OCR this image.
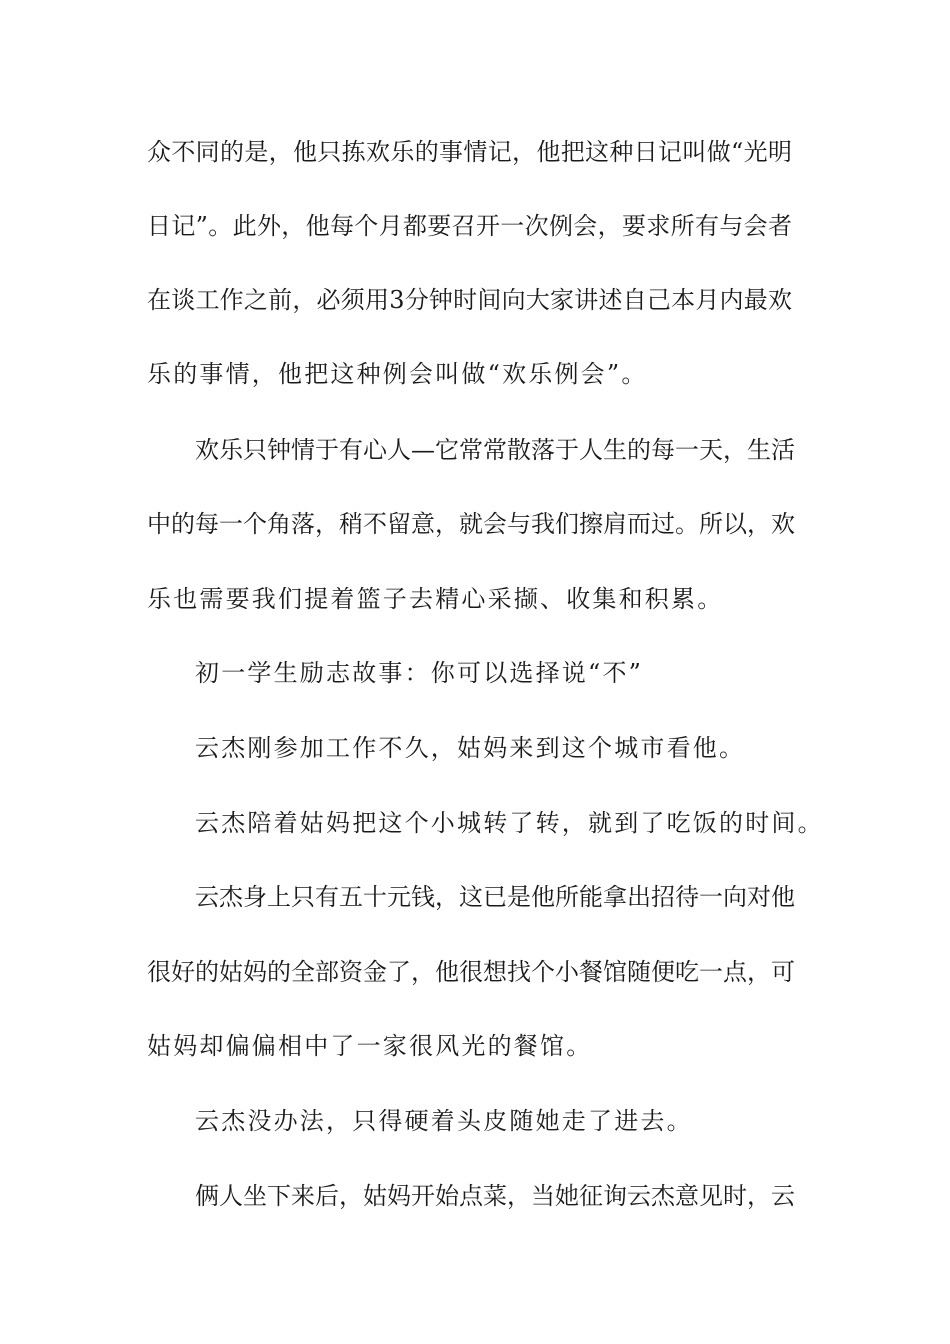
众不同的是，他只拣欢乐的事情记，他把这种日记叫做“光明
日记”。此外，他每个月都要召开一次例会，要求所有与会者
在谈工作之前，必须用3分钟时间向大家讲述自己本月内最欢
乐的事情，他把这种例会叫做“欢乐例会”。
欢乐只钟情于有心人—它常常散落于人生的每一天，生活
中的每一个角落，稍不留意，就会与我们擦肩而过。所以，欢
乐也需要我们提着篮子去精心采撷、收集和积累。
初一学生励志故事：你可以选择说“不”
云杰刚参加工作不久，姑妈来到这个城市看他。
云杰陪着姑妈把这个小城转了转，就到了吃饭的时间。
云杰身上只有五十元钱，这已是他所能拿出招待一向对他
很好的姑妈的全部资金了，他很想找个小餐馆随便吃一点，可
姑妈却偏偏相中了一家很风光的餐馆。
云杰没办法，只得硬着头皮随她走了进去。
俩人坐下来后，姑妈开始点菜，当她征询云杰意见时，云
